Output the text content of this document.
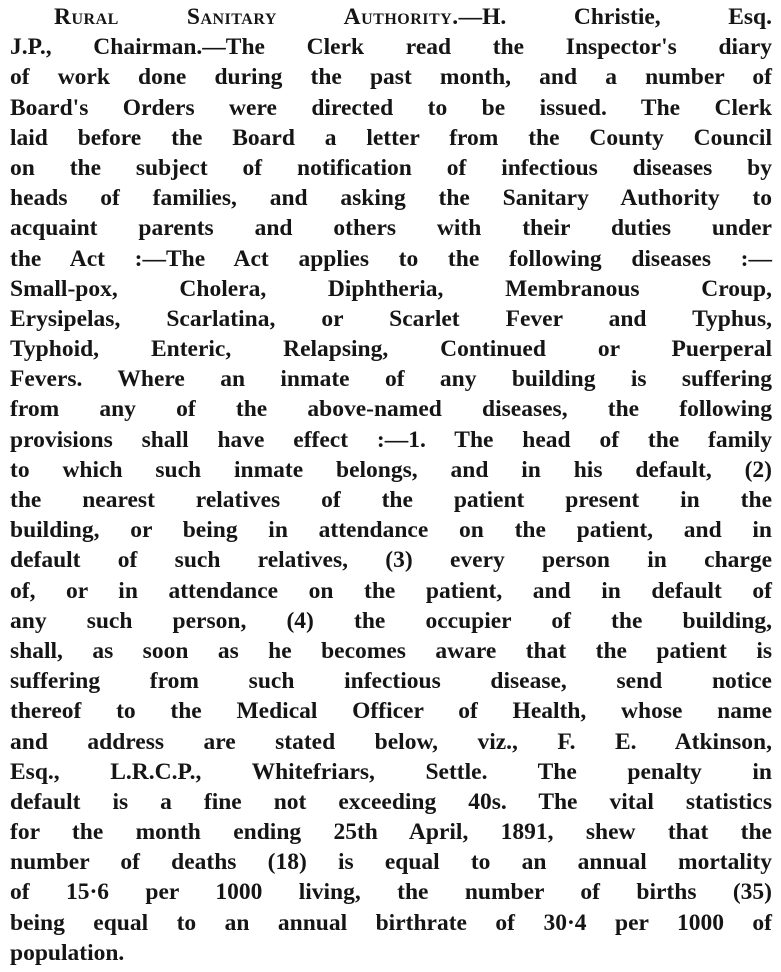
Rural Sanitary Authority.—H. Christie, Esq.
J.P., Chairman.—The Clerk read the Inspector's diary
of work done during the past month, and a number of
Board's Orders were directed to be issued. The Clerk
laid before the Board a letter from the County Council
on the subject of notification of infectious diseases by
heads of families, and asking the Sanitary Authority to
acquaint parents and others with their duties under
the Act :—The Act applies to the following diseases :—
Small-pox, Cholera, Diphtheria, Membranous Croup,
Erysipelas, Scarlatina, or Scarlet Fever and Typhus,
Typhoid, Enteric, Relapsing, Continued or Puerperal
Fevers. Where an inmate of any building is suffering
from any of the above-named diseases, the following
provisions shall have effect :—1. The head of the family
to which such inmate belongs, and in his default, (2)
the nearest relatives of the patient present in the
building, or being in attendance on the patient, and in
default of such relatives, (3) every person in charge
of, or in attendance on the patient, and in default of
any such person, (4) the occupier of the building,
shall, as soon as he becomes aware that the patient is
suffering from such infectious disease, send notice
thereof to the Medical Officer of Health, whose name
and address are stated below, viz., F. E. Atkinson,
Esq., L.R.C.P., Whitefriars, Settle. The penalty in
default is a fine not exceeding 40s. The vital statistics
for the month ending 25th April, 1891, shew that the
number of deaths (18) is equal to an annual mortality
of 15·6 per 1000 living, the number of births (35)
being equal to an annual birthrate of 30·4 per 1000 of
population.
